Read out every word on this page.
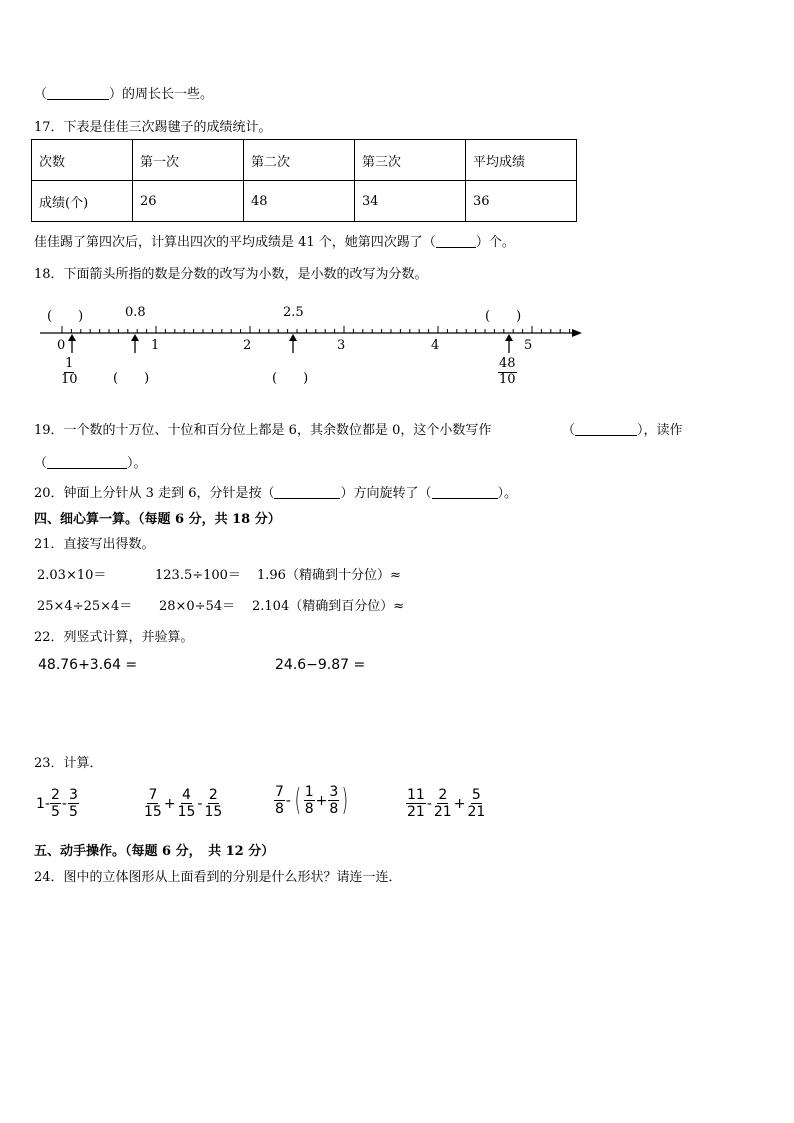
（	）的周长长一些。
17．下表是佳佳三次踢毽子的成绩统计。
次数	第一次	第二次	第三次	平均成绩
成绩(个)	26	48	34	36
佳佳踢了第四次后，计算出四次的平均成绩是 41 个，她第四次踢了（	）个。
18．下面箭头所指的数是分数的改写为小数，是小数的改写为分数。
(　　)	0.8	2.5	(　　)
0	1	2	3	4	5
$\frac{1}{10}$	(　　)	(　　)	$\frac{48}{10}$
19．一个数的十万位、十位和百分位上都是 6，其余数位都是 0，这个小数写作	（	），读作
（	）。
20．钟面上分针从 3 走到 6，分针是按（	）方向旋转了（	）。
四、细心算一算。（每题 6 分，共 18 分）
21．直接写出得数。
2.03×10＝	123.5÷100＝ 1.96（精确到十分位）≈
25×4÷25×4＝ 28×0÷54＝ 2.104（精确到百分位）≈
22．列竖式计算，并验算。
48.76+3.64 =	24.6−9.87 =
23．计算．
$1- \frac{2}{5} - \frac{3}{5}$	$\frac{7}{15} + \frac{4}{15} - \frac{2}{15}$	$\frac{7}{8}$ - ( $\frac{1}{8} + \frac{3}{8}$ )	$\frac{11}{21} - \frac{2}{21} + \frac{5}{21}$
五、动手操作。（每题 6 分，　共 12 分）
24．图中的立体图形从上面看到的分别是什么形状？请连一连．
